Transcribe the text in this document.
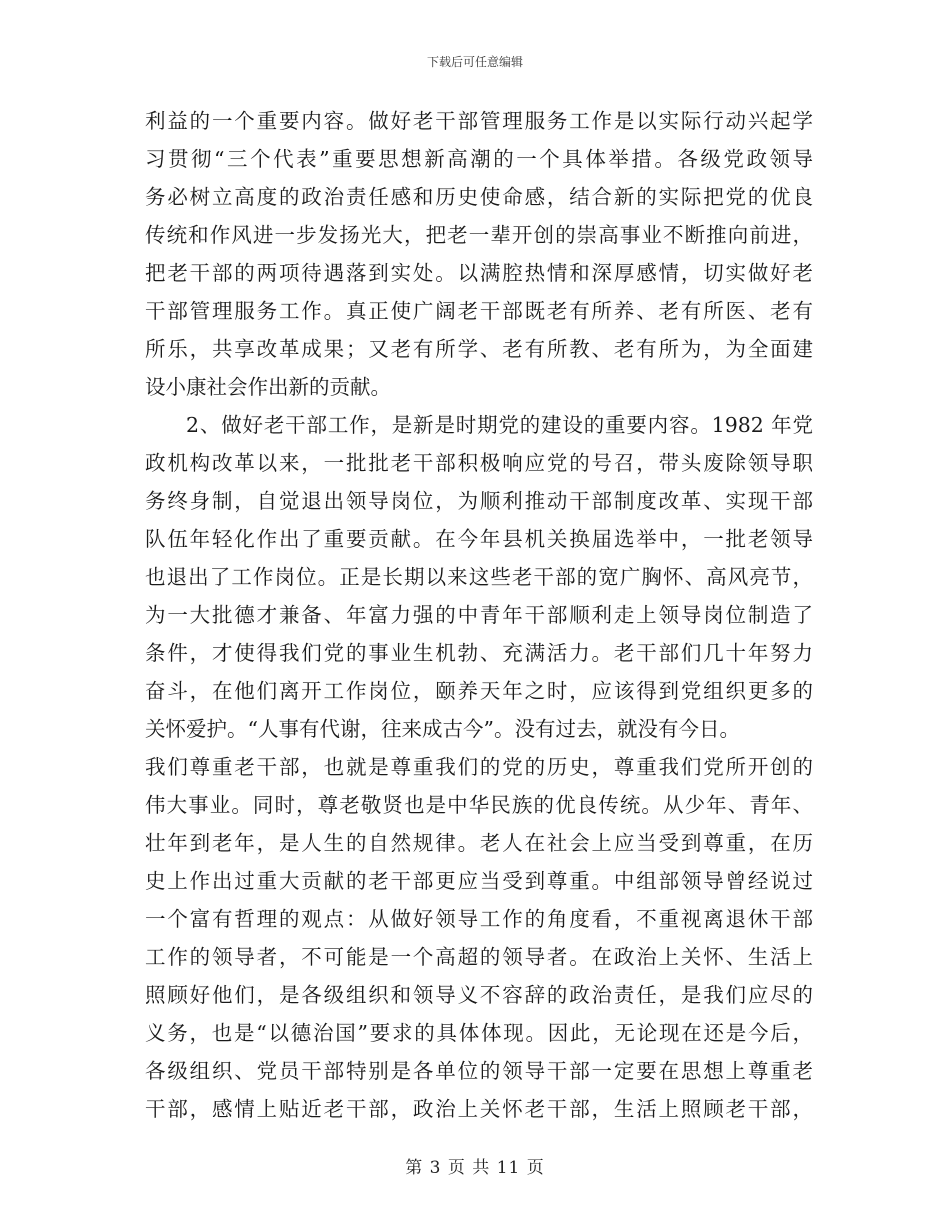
下载后可任意编辑
利益的一个重要内容。做好老干部管理服务工作是以实际行动兴起学
习贯彻“三个代表”重要思想新高潮的一个具体举措。各级党政领导
务必树立高度的政治责任感和历史使命感，结合新的实际把党的优良
传统和作风进一步发扬光大，把老一辈开创的崇高事业不断推向前进，
把老干部的两项待遇落到实处。以满腔热情和深厚感情，切实做好老
干部管理服务工作。真正使广阔老干部既老有所养、老有所医、老有
所乐，共享改革成果；又老有所学、老有所教、老有所为，为全面建
设小康社会作出新的贡献。
2、做好老干部工作，是新是时期党的建设的重要内容。1982 年党
政机构改革以来，一批批老干部积极响应党的号召，带头废除领导职
务终身制，自觉退出领导岗位，为顺利推动干部制度改革、实现干部
队伍年轻化作出了重要贡献。在今年县机关换届选举中，一批老领导
也退出了工作岗位。正是长期以来这些老干部的宽广胸怀、高风亮节，
为一大批德才兼备、年富力强的中青年干部顺利走上领导岗位制造了
条件，才使得我们党的事业生机勃、充满活力。老干部们几十年努力
奋斗，在他们离开工作岗位，颐养天年之时，应该得到党组织更多的
关怀爱护。“人事有代谢，往来成古今”。没有过去，就没有今日。
我们尊重老干部，也就是尊重我们的党的历史，尊重我们党所开创的
伟大事业。同时，尊老敬贤也是中华民族的优良传统。从少年、青年、
壮年到老年，是人生的自然规律。老人在社会上应当受到尊重，在历
史上作出过重大贡献的老干部更应当受到尊重。中组部领导曾经说过
一个富有哲理的观点：从做好领导工作的角度看，不重视离退休干部
工作的领导者，不可能是一个高超的领导者。在政治上关怀、生活上
照顾好他们，是各级组织和领导义不容辞的政治责任，是我们应尽的
义务，也是“以德治国”要求的具体体现。因此，无论现在还是今后，
各级组织、党员干部特别是各单位的领导干部一定要在思想上尊重老
干部，感情上贴近老干部，政治上关怀老干部，生活上照顾老干部，
第 3 页 共 11 页
